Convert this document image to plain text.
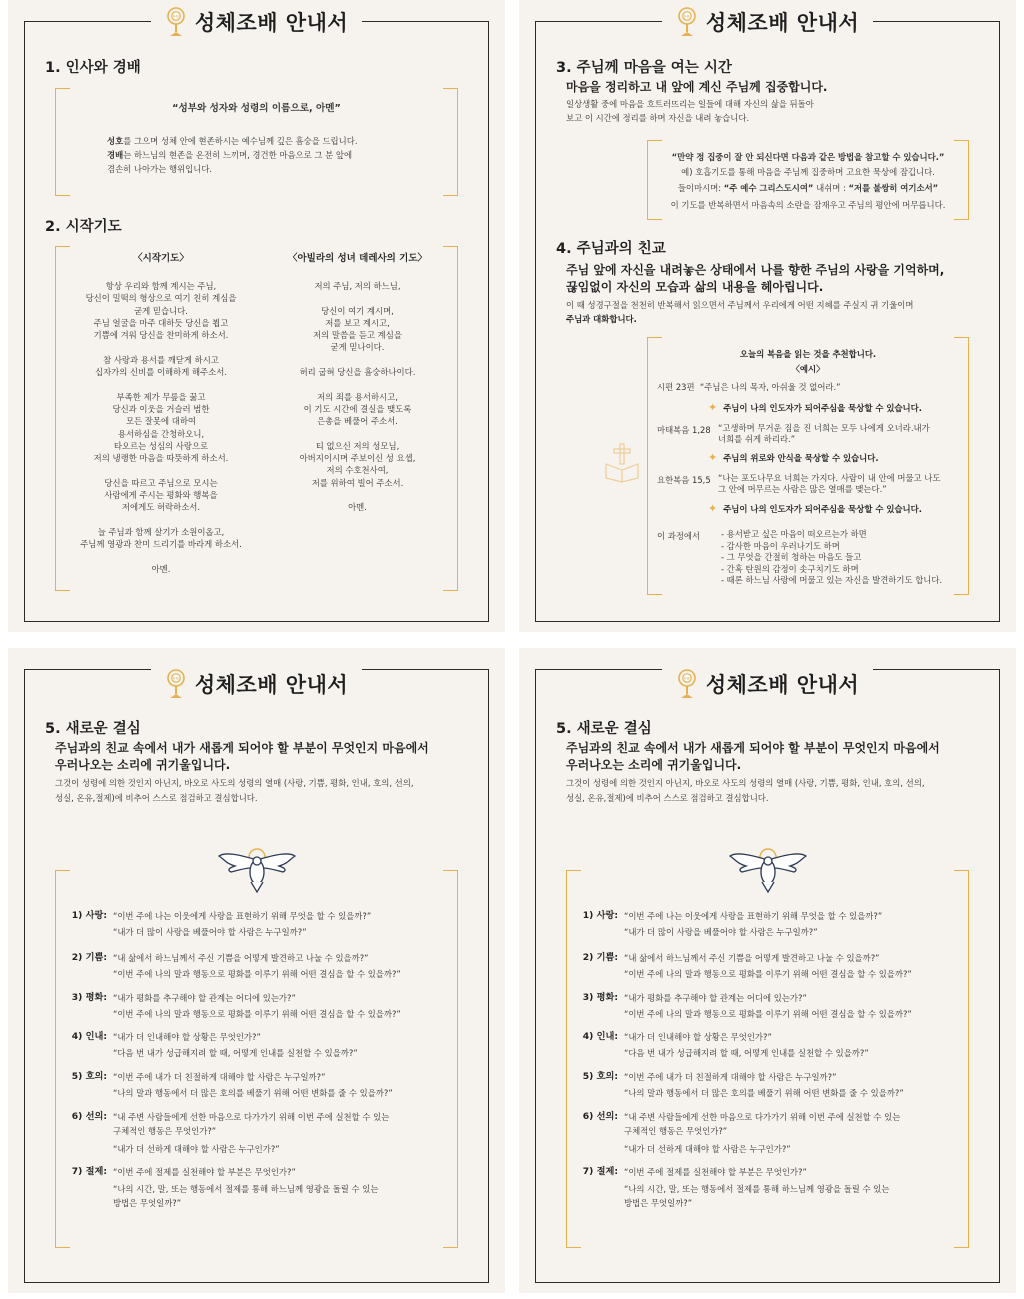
성체조배 안내서
1. 인사와 경배
“성부와 성자와 성령의 이름으로, 아멘”
성호를 그으며 성체 안에 현존하시는 예수님께 깊은 흠숭을 드립니다.
경배는 하느님의 현존을 온전히 느끼며, 경건한 마음으로 그 분 앞에
겸손히 나아가는 행위입니다.
2. 시작기도
〈시작기도〉
항상 우리와 함께 계시는 주님,
당신이 밀떡의 형상으로 여기 친히 계심을
굳게 믿습니다.
주님 얼굴을 마주 대하듯 당신을 뵙고
기쁨에 겨워 당신을 찬미하게 하소서.

참 사랑과 용서를 깨닫게 하시고
십자가의 신비를 이해하게 해주소서.

부족한 제가 무릎을 꿇고
당신과 이웃을 거슬러 범한
모든 잘못에 대하여
용서하심을 간청하오니,
타오르는 성심의 사랑으로
저의 냉랭한 마음을 따뜻하게 하소서.

당신을 따르고 주님으로 모시는
사람에게 주시는 평화와 행복을
저에게도 허락하소서.

늘 주님과 함께 살기가 소원이옵고,
주님께 영광과 찬미 드리기를 바라게 하소서.

아멘.
〈아빌라의 성녀 데레사의 기도〉
저의 주님, 저의 하느님,

당신이 여기 계시며,
저를 보고 계시고,
저의 말씀을 듣고 계심을
굳게 믿나이다.

허리 굽혀 당신을 흠숭하나이다.

저의 죄를 용서하시고,
이 기도 시간에 결실을 맺도록
은총을 베풀어 주소서.

티 없으신 저의 성모님,
아버지이시며 주보이신 성 요셉,
저의 수호천사여,
저를 위하여 빌어 주소서.

아멘.
성체조배 안내서
3. 주님께 마음을 여는 시간
마음을 정리하고 내 앞에 계신 주님께 집중합니다.
일상생활 중에 마음을 흐트러뜨리는 일들에 대해 자신의 삶을 뒤돌아
보고 이 시간에 정리를 하며 자신을 내려 놓습니다.
“만약 정 집중이 잘 안 되신다면 다음과 같은 방법을 참고할 수 있습니다.”
예) 호흡기도를 통해 마음을 주님께 집중하며 고요한 묵상에 잠깁니다.
들이마시며: “주 예수 그리스도시여” 내쉬며 : “저를 불쌍히 여기소서”
이 기도를 반복하면서 마음속의 소란을 잠재우고 주님의 평안에 머무릅니다.
4. 주님과의 친교
주님 앞에 자신을 내려놓은 상태에서 나를 향한 주님의 사랑을 기억하며,
끊임없이 자신의 모습과 삶의 내용을 헤아립니다.
이 때 성경구절을 천천히 반복해서 읽으면서 주님께서 우리에게 어떤 지혜를 주실지 귀 기울이며
주님과 대화합니다.
오늘의 복음을 읽는 것을 추천합니다.
〈예시〉
시편 23편 “주님은 나의 목자, 아쉬울 것 없어라.”
✦ 주님이 나의 인도자가 되어주심을 묵상할 수 있습니다.
마태복음 1,28 “고생하며 무거운 짐을 진 너희는 모두 나에게 오너라.내가
너희를 쉬게 하리라.”
✦ 주님의 위로와 안식을 묵상할 수 있습니다.
요한복음 15,5 “나는 포도나무요 너희는 가지다. 사람이 내 안에 머물고 나도
그 안에 머무르는 사람은 많은 열매를 맺는다.”
✦ 주님이 나의 인도자가 되어주심을 묵상할 수 있습니다.
이 과정에서 - 용서받고 싶은 마음이 떠오르는가 하면
- 감사한 마음이 우러나기도 하며
- 그 무엇을 간절히 청하는 마음도 들고
- 간혹 탄원의 감정이 솟구치기도 하며
- 때론 하느님 사랑에 머물고 있는 자신을 발견하기도 합니다.
성체조배 안내서
5. 새로운 결심
주님과의 친교 속에서 내가 새롭게 되어야 할 부분이 무엇인지 마음에서
우러나오는 소리에 귀기울입니다.
그것이 성령에 의한 것인지 아닌지, 바오로 사도의 성령의 열매 (사랑, 기쁨, 평화, 인내, 호의, 선의,
성실, 온유,절제)에 비추어 스스로 점검하고 결심합니다.
1) 사랑: “이번 주에 나는 이웃에게 사랑을 표현하기 위해 무엇을 할 수 있을까?”
“내가 더 많이 사랑을 베풀어야 할 사람은 누구일까?”
2) 기쁨: “내 삶에서 하느님께서 주신 기쁨을 어떻게 발견하고 나눌 수 있을까?”
“이번 주에 나의 말과 행동으로 평화를 이루기 위해 어떤 결심을 할 수 있을까?”
3) 평화: “내가 평화를 추구해야 할 관계는 어디에 있는가?”
“이번 주에 나의 말과 행동으로 평화를 이루기 위해 어떤 결심을 할 수 있을까?”
4) 인내: “내가 더 인내해야 할 상황은 무엇인가?”
“다음 번 내가 성급해지려 할 때, 어떻게 인내를 실천할 수 있을까?”
5) 호의: “이번 주에 내가 더 친절하게 대해야 할 사람은 누구일까?”
“나의 말과 행동에서 더 많은 호의를 베풀기 위해 어떤 변화를 줄 수 있을까?”
6) 선의: “내 주변 사람들에게 선한 마음으로 다가가기 위해 이번 주에 실천할 수 있는
구체적인 행동은 무엇인가?”
“내가 더 선하게 대해야 할 사람은 누구인가?”
7) 절제: “이번 주에 절제를 실천해야 할 부분은 무엇인가?”
“나의 시간, 말, 또는 행동에서 절제를 통해 하느님께 영광을 돌릴 수 있는
방법은 무엇일까?”
성체조배 안내서
5. 새로운 결심
주님과의 친교 속에서 내가 새롭게 되어야 할 부분이 무엇인지 마음에서
우러나오는 소리에 귀기울입니다.
그것이 성령에 의한 것인지 아닌지, 바오로 사도의 성령의 열매 (사랑, 기쁨, 평화, 인내, 호의, 선의,
성실, 온유,절제)에 비추어 스스로 점검하고 결심합니다.
1) 사랑: “이번 주에 나는 이웃에게 사랑을 표현하기 위해 무엇을 할 수 있을까?”
“내가 더 많이 사랑을 베풀어야 할 사람은 누구일까?”
2) 기쁨: “내 삶에서 하느님께서 주신 기쁨을 어떻게 발견하고 나눌 수 있을까?”
“이번 주에 나의 말과 행동으로 평화를 이루기 위해 어떤 결심을 할 수 있을까?”
3) 평화: “내가 평화를 추구해야 할 관계는 어디에 있는가?”
“이번 주에 나의 말과 행동으로 평화를 이루기 위해 어떤 결심을 할 수 있을까?”
4) 인내: “내가 더 인내해야 할 상황은 무엇인가?”
“다음 번 내가 성급해지려 할 때, 어떻게 인내를 실천할 수 있을까?”
5) 호의: “이번 주에 내가 더 친절하게 대해야 할 사람은 누구일까?”
“나의 말과 행동에서 더 많은 호의를 베풀기 위해 어떤 변화를 줄 수 있을까?”
6) 선의: “내 주변 사람들에게 선한 마음으로 다가가기 위해 이번 주에 실천할 수 있는
구체적인 행동은 무엇인가?”
“내가 더 선하게 대해야 할 사람은 누구인가?”
7) 절제: “이번 주에 절제를 실천해야 할 부분은 무엇인가?”
“나의 시간, 말, 또는 행동에서 절제를 통해 하느님께 영광을 돌릴 수 있는
방법은 무엇일까?”
